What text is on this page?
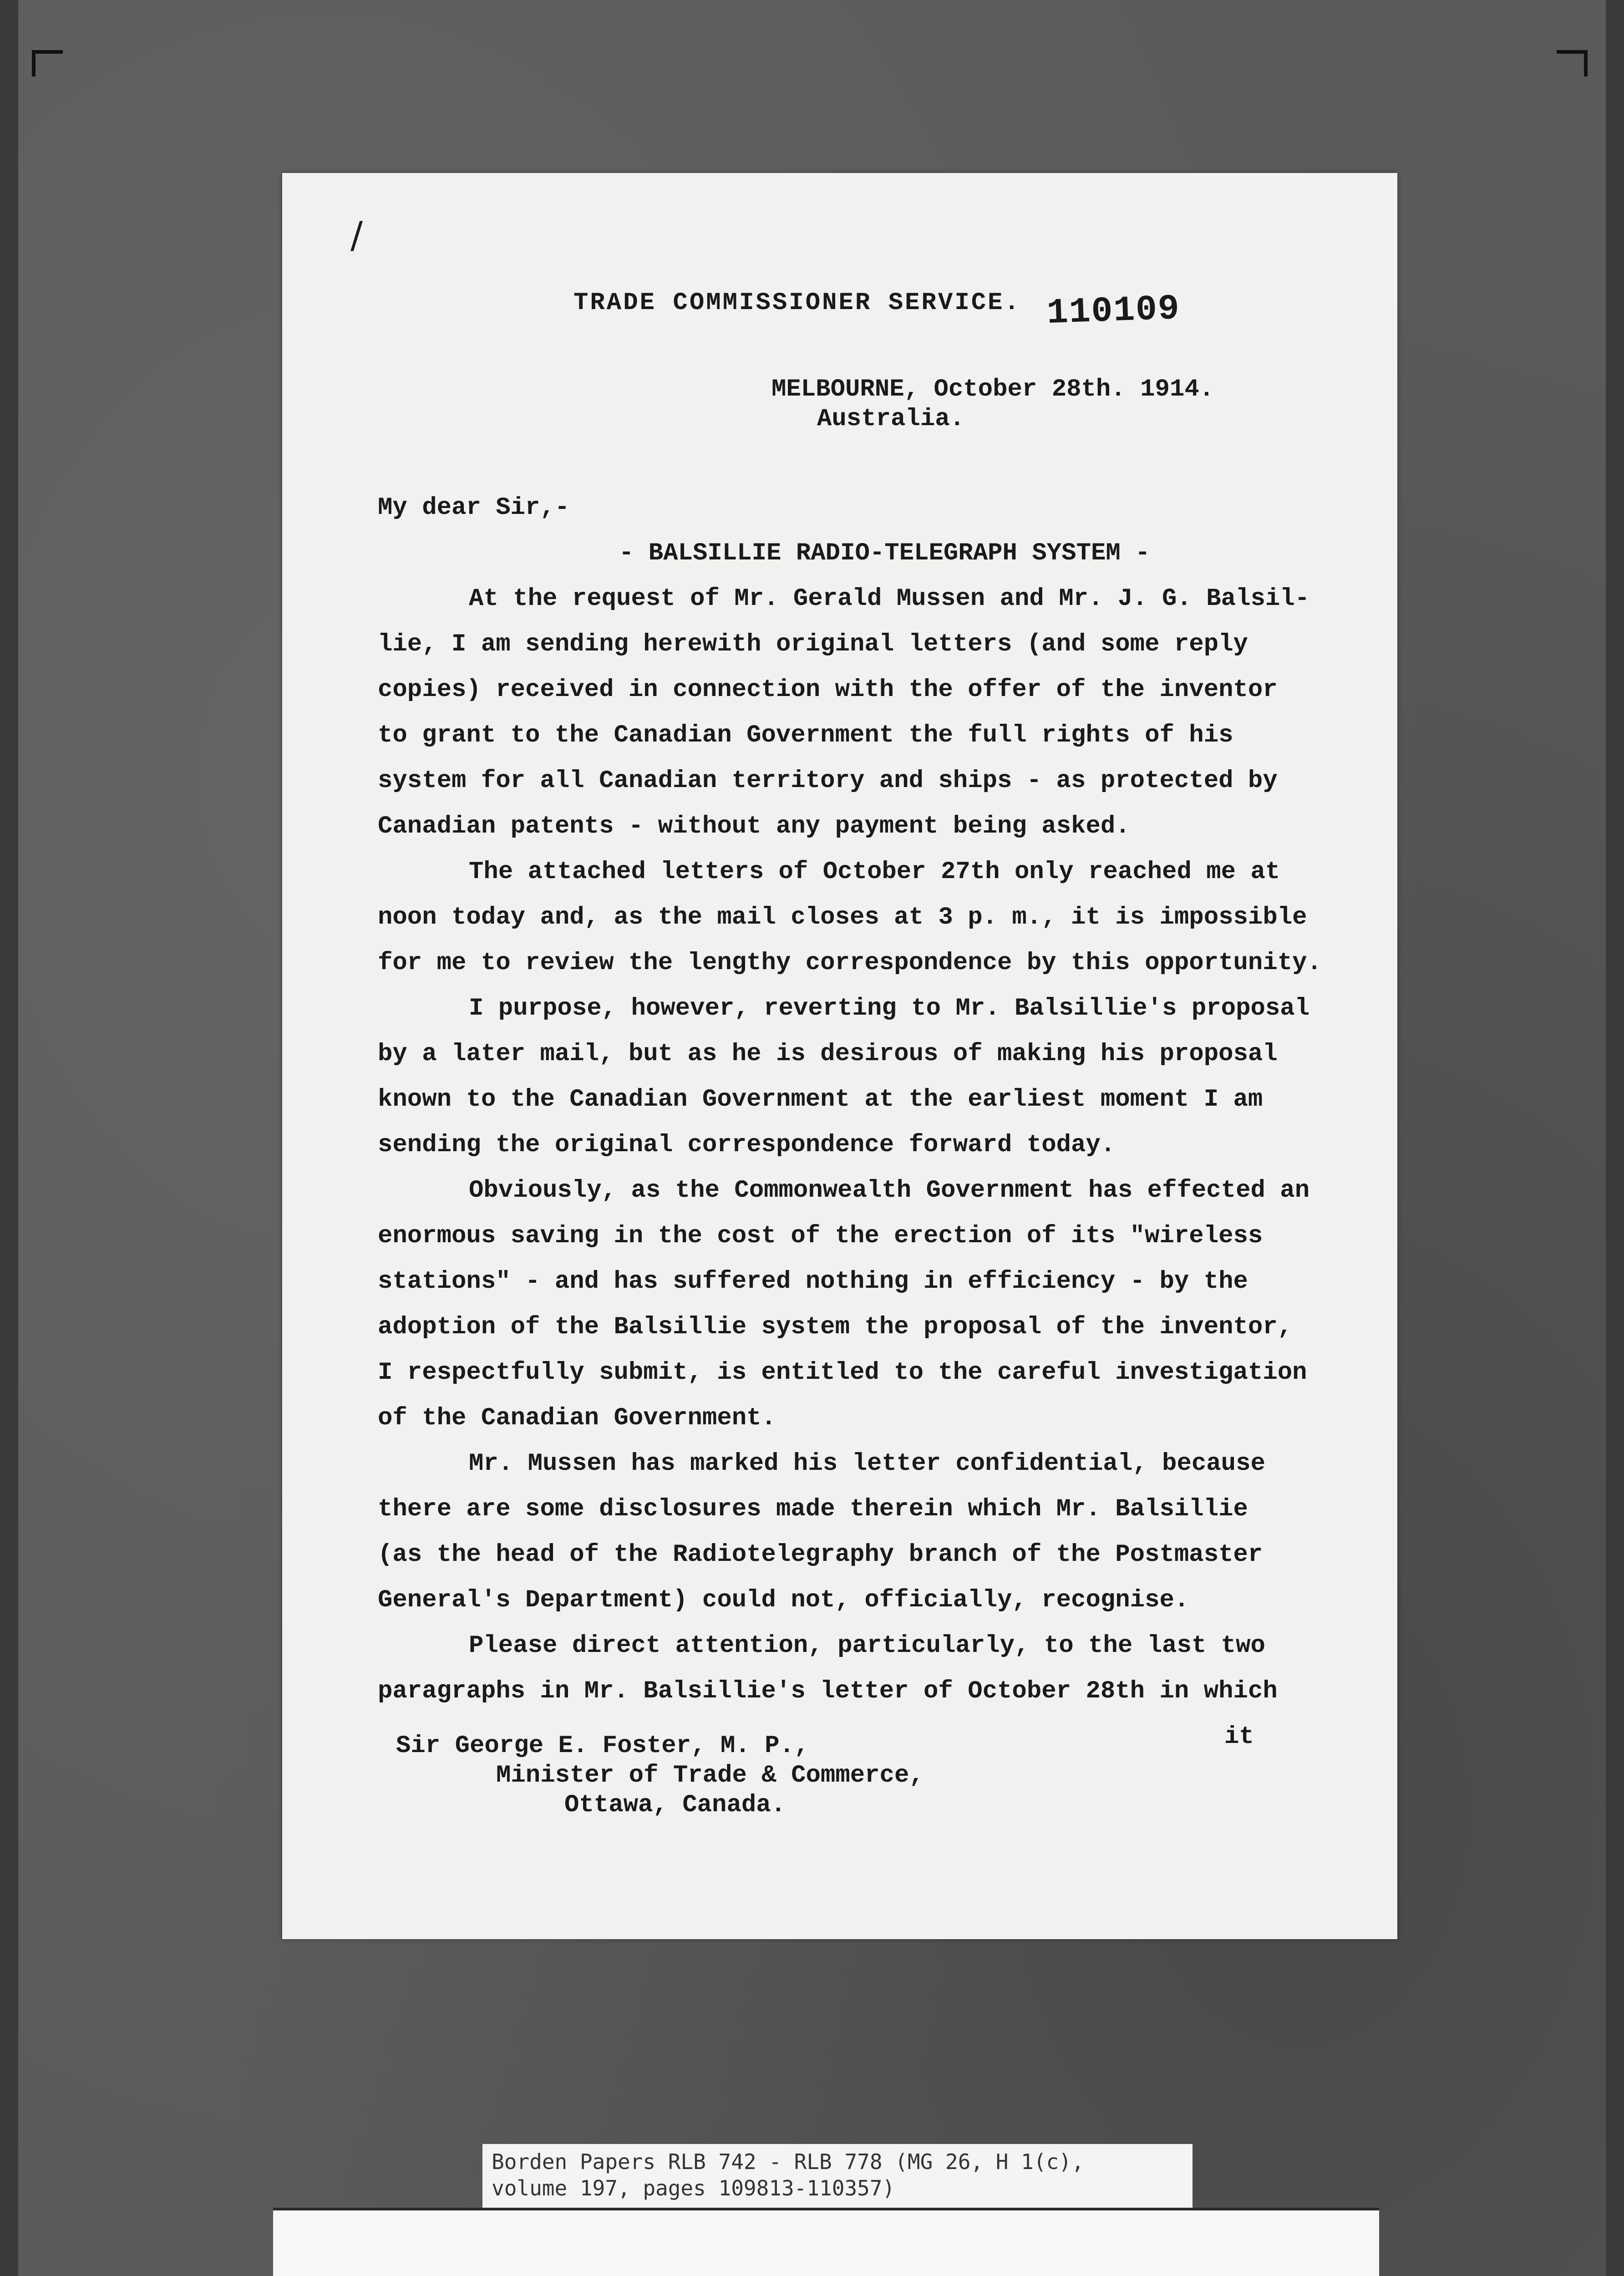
/
TRADE COMMISSIONER SERVICE. 110109
MELBOURNE, October 28th. 1914.
Australia.
My dear Sir,-
- BALSILLIE RADIO-TELEGRAPH SYSTEM -
At the request of Mr. Gerald Mussen and Mr. J. G. Balsil-
lie, I am sending herewith original letters (and some reply
copies) received in connection with the offer of the inventor
to grant to the Canadian Government the full rights of his
system for all Canadian territory and ships - as protected by
Canadian patents - without any payment being asked.
The attached letters of October 27th only reached me at
noon today and, as the mail closes at 3 p. m., it is impossible
for me to review the lengthy correspondence by this opportunity.
I purpose, however, reverting to Mr. Balsillie's proposal
by a later mail, but as he is desirous of making his proposal
known to the Canadian Government at the earliest moment I am
sending the original correspondence forward today.
Obviously, as the Commonwealth Government has effected an
enormous saving in the cost of the erection of its "wireless
stations" - and has suffered nothing in efficiency - by the
adoption of the Balsillie system the proposal of the inventor,
I respectfully submit, is entitled to the careful investigation
of the Canadian Government.
Mr. Mussen has marked his letter confidential, because
there are some disclosures made therein which Mr. Balsillie
(as the head of the Radiotelegraphy branch of the Postmaster
General's Department) could not, officially, recognise.
Please direct attention, particularly, to the last two
paragraphs in Mr. Balsillie's letter of October 28th in which
it
Sir George E. Foster, M. P.,
Minister of Trade & Commerce,
Ottawa, Canada.
Borden Papers RLB 742 - RLB 778 (MG 26, H 1(c),
volume 197, pages 109813-110357)
